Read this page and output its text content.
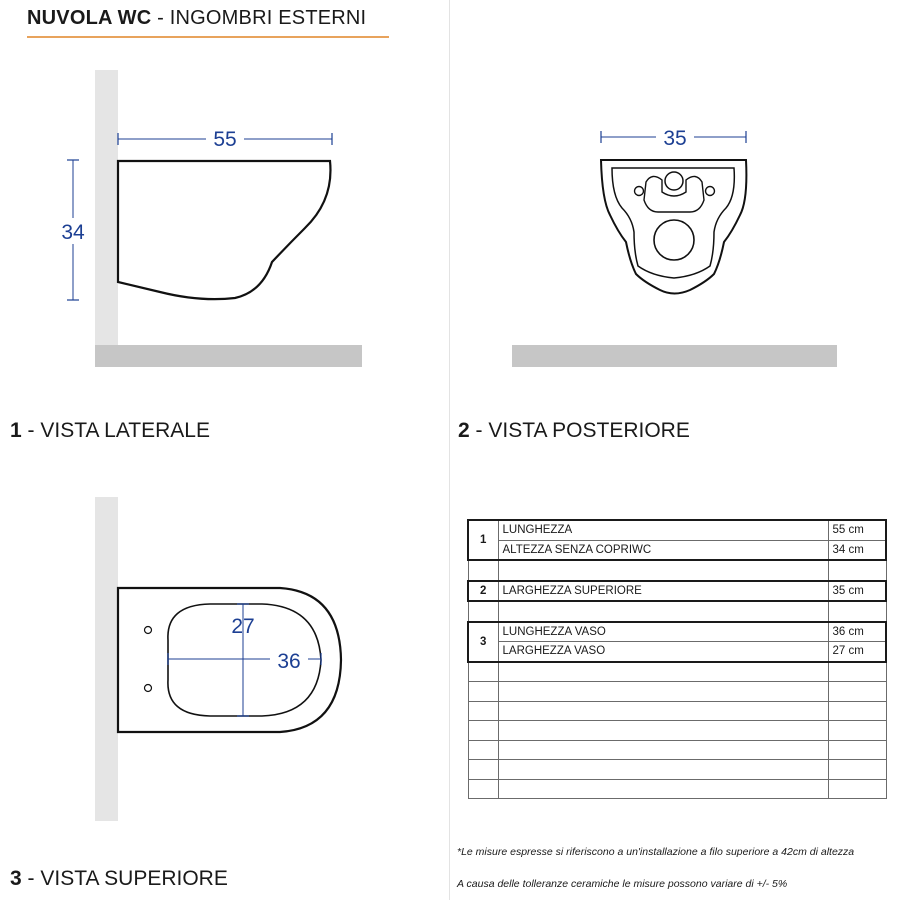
NUVOLA WC - INGOMBRI ESTERNI
55
34
35
27
36
1 - VISTA LATERALE	2 - VISTA POSTERIORE
3 - VISTA SUPERIORE
1	LUNGHEZZA	55 cm
	ALTEZZA SENZA COPRIWC	34 cm

2	LARGHEZZA SUPERIORE	35 cm

3	LUNGHEZZA VASO	36 cm
	LARGHEZZA VASO	27 cm

*Le misure espresse si riferiscono a un'installazione a filo superiore a 42cm di altezza
A causa delle tolleranze ceramiche le misure possono variare di +/- 5%
